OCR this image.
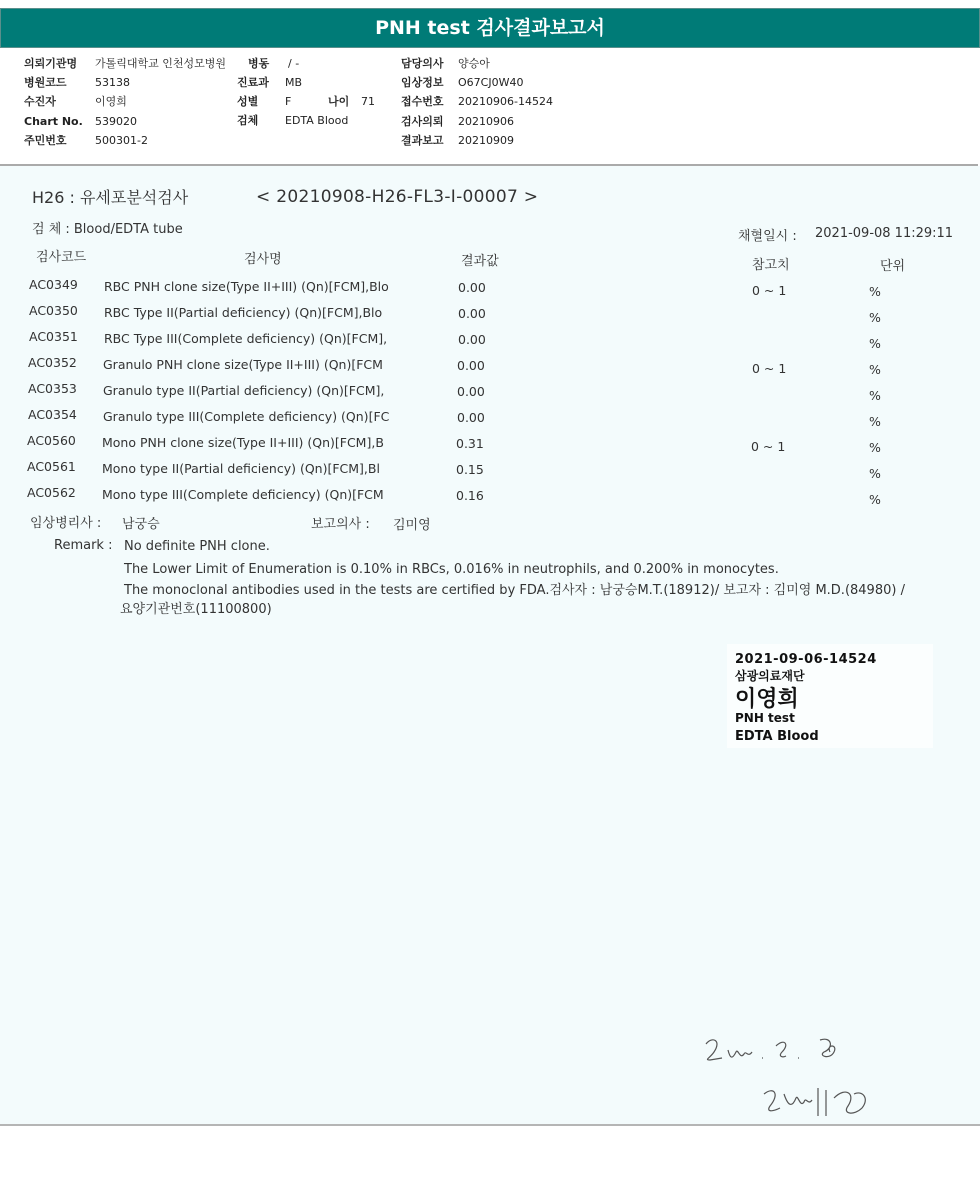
PNH test 검사결과보고서
의뢰기관명 가톨릭대학교 인천성모병원
병원코드	53138
수진자	이영희
Chart No. 539020
주민번호	500301-2
병동 / -
진료과 MB
성별 F	나이 71
검체 EDTA Blood
담당의사 양승아
임상정보 O67CJ0W40
접수번호 20210906-14524
검사의뢰 20210906
결과보고 20210909
H26 : 유세포분석검사	< 20210908-H26-FL3-I-00007 >
검 체 : Blood/EDTA tube	채혈일시 : 2021-09-08 11:29:11
검사코드	검사명	결과값	참고치	단위
AC0349 RBC PNH clone size(Type II+III) (Qn)[FCM],Blo	0.00	0 ~ 1	%
AC0350 RBC Type II(Partial deficiency) (Qn)[FCM],Blo	0.00	%
AC0351 RBC Type III(Complete deficiency) (Qn)[FCM],	0.00	%
AC0352 Granulo PNH clone size(Type II+III) (Qn)[FCM	0.00	0 ~ 1	%
AC0353 Granulo type II(Partial deficiency) (Qn)[FCM],	0.00	%
AC0354 Granulo type III(Complete deficiency) (Qn)[FC	0.00	%
AC0560 Mono PNH clone size(Type II+III) (Qn)[FCM],B	0.31	0 ~ 1	%
AC0561 Mono type II(Partial deficiency) (Qn)[FCM],Bl	0.15	%
AC0562 Mono type III(Complete deficiency) (Qn)[FCM	0.16	%
임상병리사 : 남궁승	보고의사 : 김미영
Remark : No definite PNH clone.
The Lower Limit of Enumeration is 0.10% in RBCs, 0.016% in neutrophils, and 0.200% in monocytes.
The monoclonal antibodies used in the tests are certified by FDA.검사자 : 남궁승M.T.(18912)/ 보고자 : 김미영 M.D.(84980) /
요양기관번호(11100800)
2021-09-06-14524
삼광의료재단
이영희
PNH test
EDTA Blood
